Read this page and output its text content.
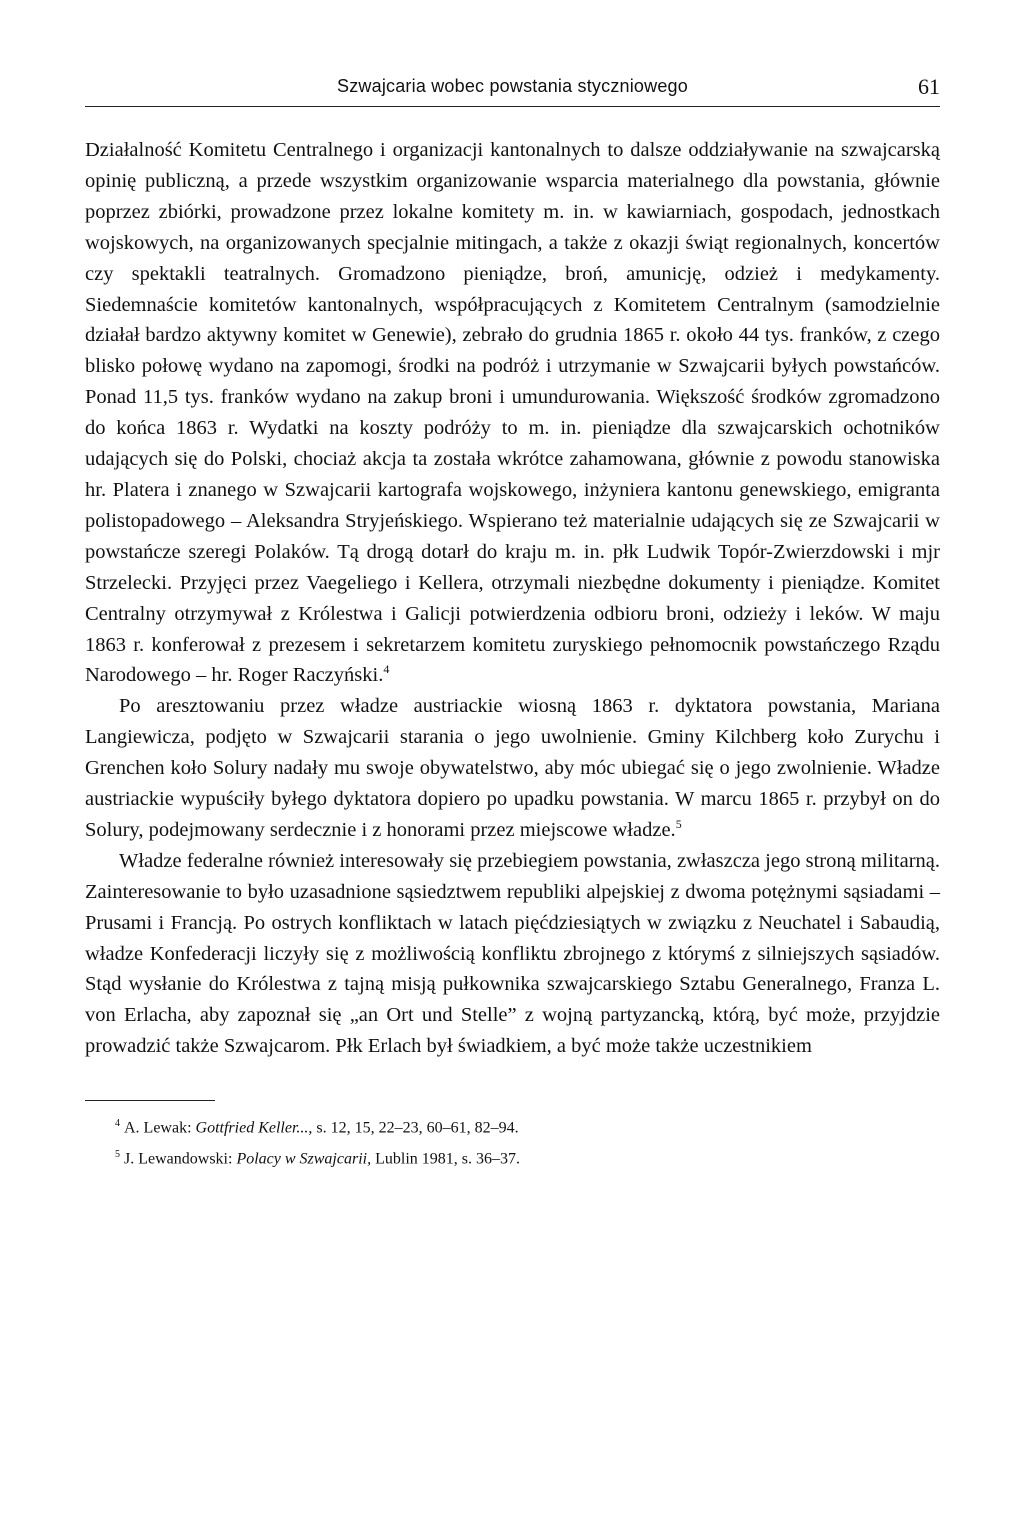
Szwajcaria wobec powstania styczniowego	61

Działalność Komitetu Centralnego i organizacji kantonalnych to dalsze oddziaływanie na szwajcarską opinię publiczną, a przede wszystkim organizowanie wsparcia materialnego dla powstania, głównie poprzez zbiórki, prowadzone przez lokalne komitety m. in. w kawiarniach, gospodach, jednostkach wojskowych, na organizowanych specjalnie mitingach, a także z okazji świąt regionalnych, koncertów czy spektakli teatralnych. Gromadzono pieniądze, broń, amunicję, odzież i medykamenty. Siedemnaście komitetów kantonalnych, współpracujących z Komitetem Centralnym (samodzielnie działał bardzo aktywny komitet w Genewie), zebrało do grudnia 1865 r. około 44 tys. franków, z czego blisko połowę wydano na zapomogi, środki na podróż i utrzymanie w Szwajcarii byłych powstańców. Ponad 11,5 tys. franków wydano na zakup broni i umundurowania. Większość środków zgromadzono do końca 1863 r. Wydatki na koszty podróży to m. in. pieniądze dla szwajcarskich ochotników udających się do Polski, chociaż akcja ta została wkrótce zahamowana, głównie z powodu stanowiska hr. Platera i znanego w Szwajcarii kartografa wojskowego, inżyniera kantonu genewskiego, emigranta polistopadowego – Aleksandra Stryjeńskiego. Wspierano też materialnie udających się ze Szwajcarii w powstańcze szeregi Polaków. Tą drogą dotarł do kraju m. in. płk Ludwik Topór-Zwierzdowski i mjr Strzelecki. Przyjęci przez Vaegeliego i Kellera, otrzymali niezbędne dokumenty i pieniądze. Komitet Centralny otrzymywał z Królestwa i Galicji potwierdzenia odbioru broni, odzieży i leków. W maju 1863 r. konferował z prezesem i sekretarzem komitetu zuryskiego pełnomocnik powstańczego Rządu Narodowego – hr. Roger Raczyński.$^4$

Po aresztowaniu przez władze austriackie wiosną 1863 r. dyktatora powstania, Mariana Langiewicza, podjęto w Szwajcarii starania o jego uwolnienie. Gminy Kilchberg koło Zurychu i Grenchen koło Solury nadały mu swoje obywatelstwo, aby móc ubiegać się o jego zwolnienie. Władze austriackie wypuściły byłego dyktatora dopiero po upadku powstania. W marcu 1865 r. przybył on do Solury, podejmowany serdecznie i z honorami przez miejscowe władze.$^5$

Władze federalne również interesowały się przebiegiem powstania, zwłaszcza jego stroną militarną. Zainteresowanie to było uzasadnione sąsiedztwem republiki alpejskiej z dwoma potężnymi sąsiadami – Prusami i Francją. Po ostrych konfliktach w latach pięćdziesiątych w związku z Neuchatel i Sabaudią, władze Konfederacji liczyły się z możliwością konfliktu zbrojnego z którymś z silniejszych sąsiadów. Stąd wysłanie do Królestwa z tajną misją pułkownika szwajcarskiego Sztabu Generalnego, Franza L. von Erlacha, aby zapoznał się „an Ort und Stelle” z wojną partyzancką, którą, być może, przyjdzie prowadzić także Szwajcarom. Płk Erlach był świadkiem, a być może także uczestnikiem

$^4$ A. Lewak: Gottfried Keller..., s. 12, 15, 22–23, 60–61, 82–94.
$^5$ J. Lewandowski: Polacy w Szwajcarii, Lublin 1981, s. 36–37.
